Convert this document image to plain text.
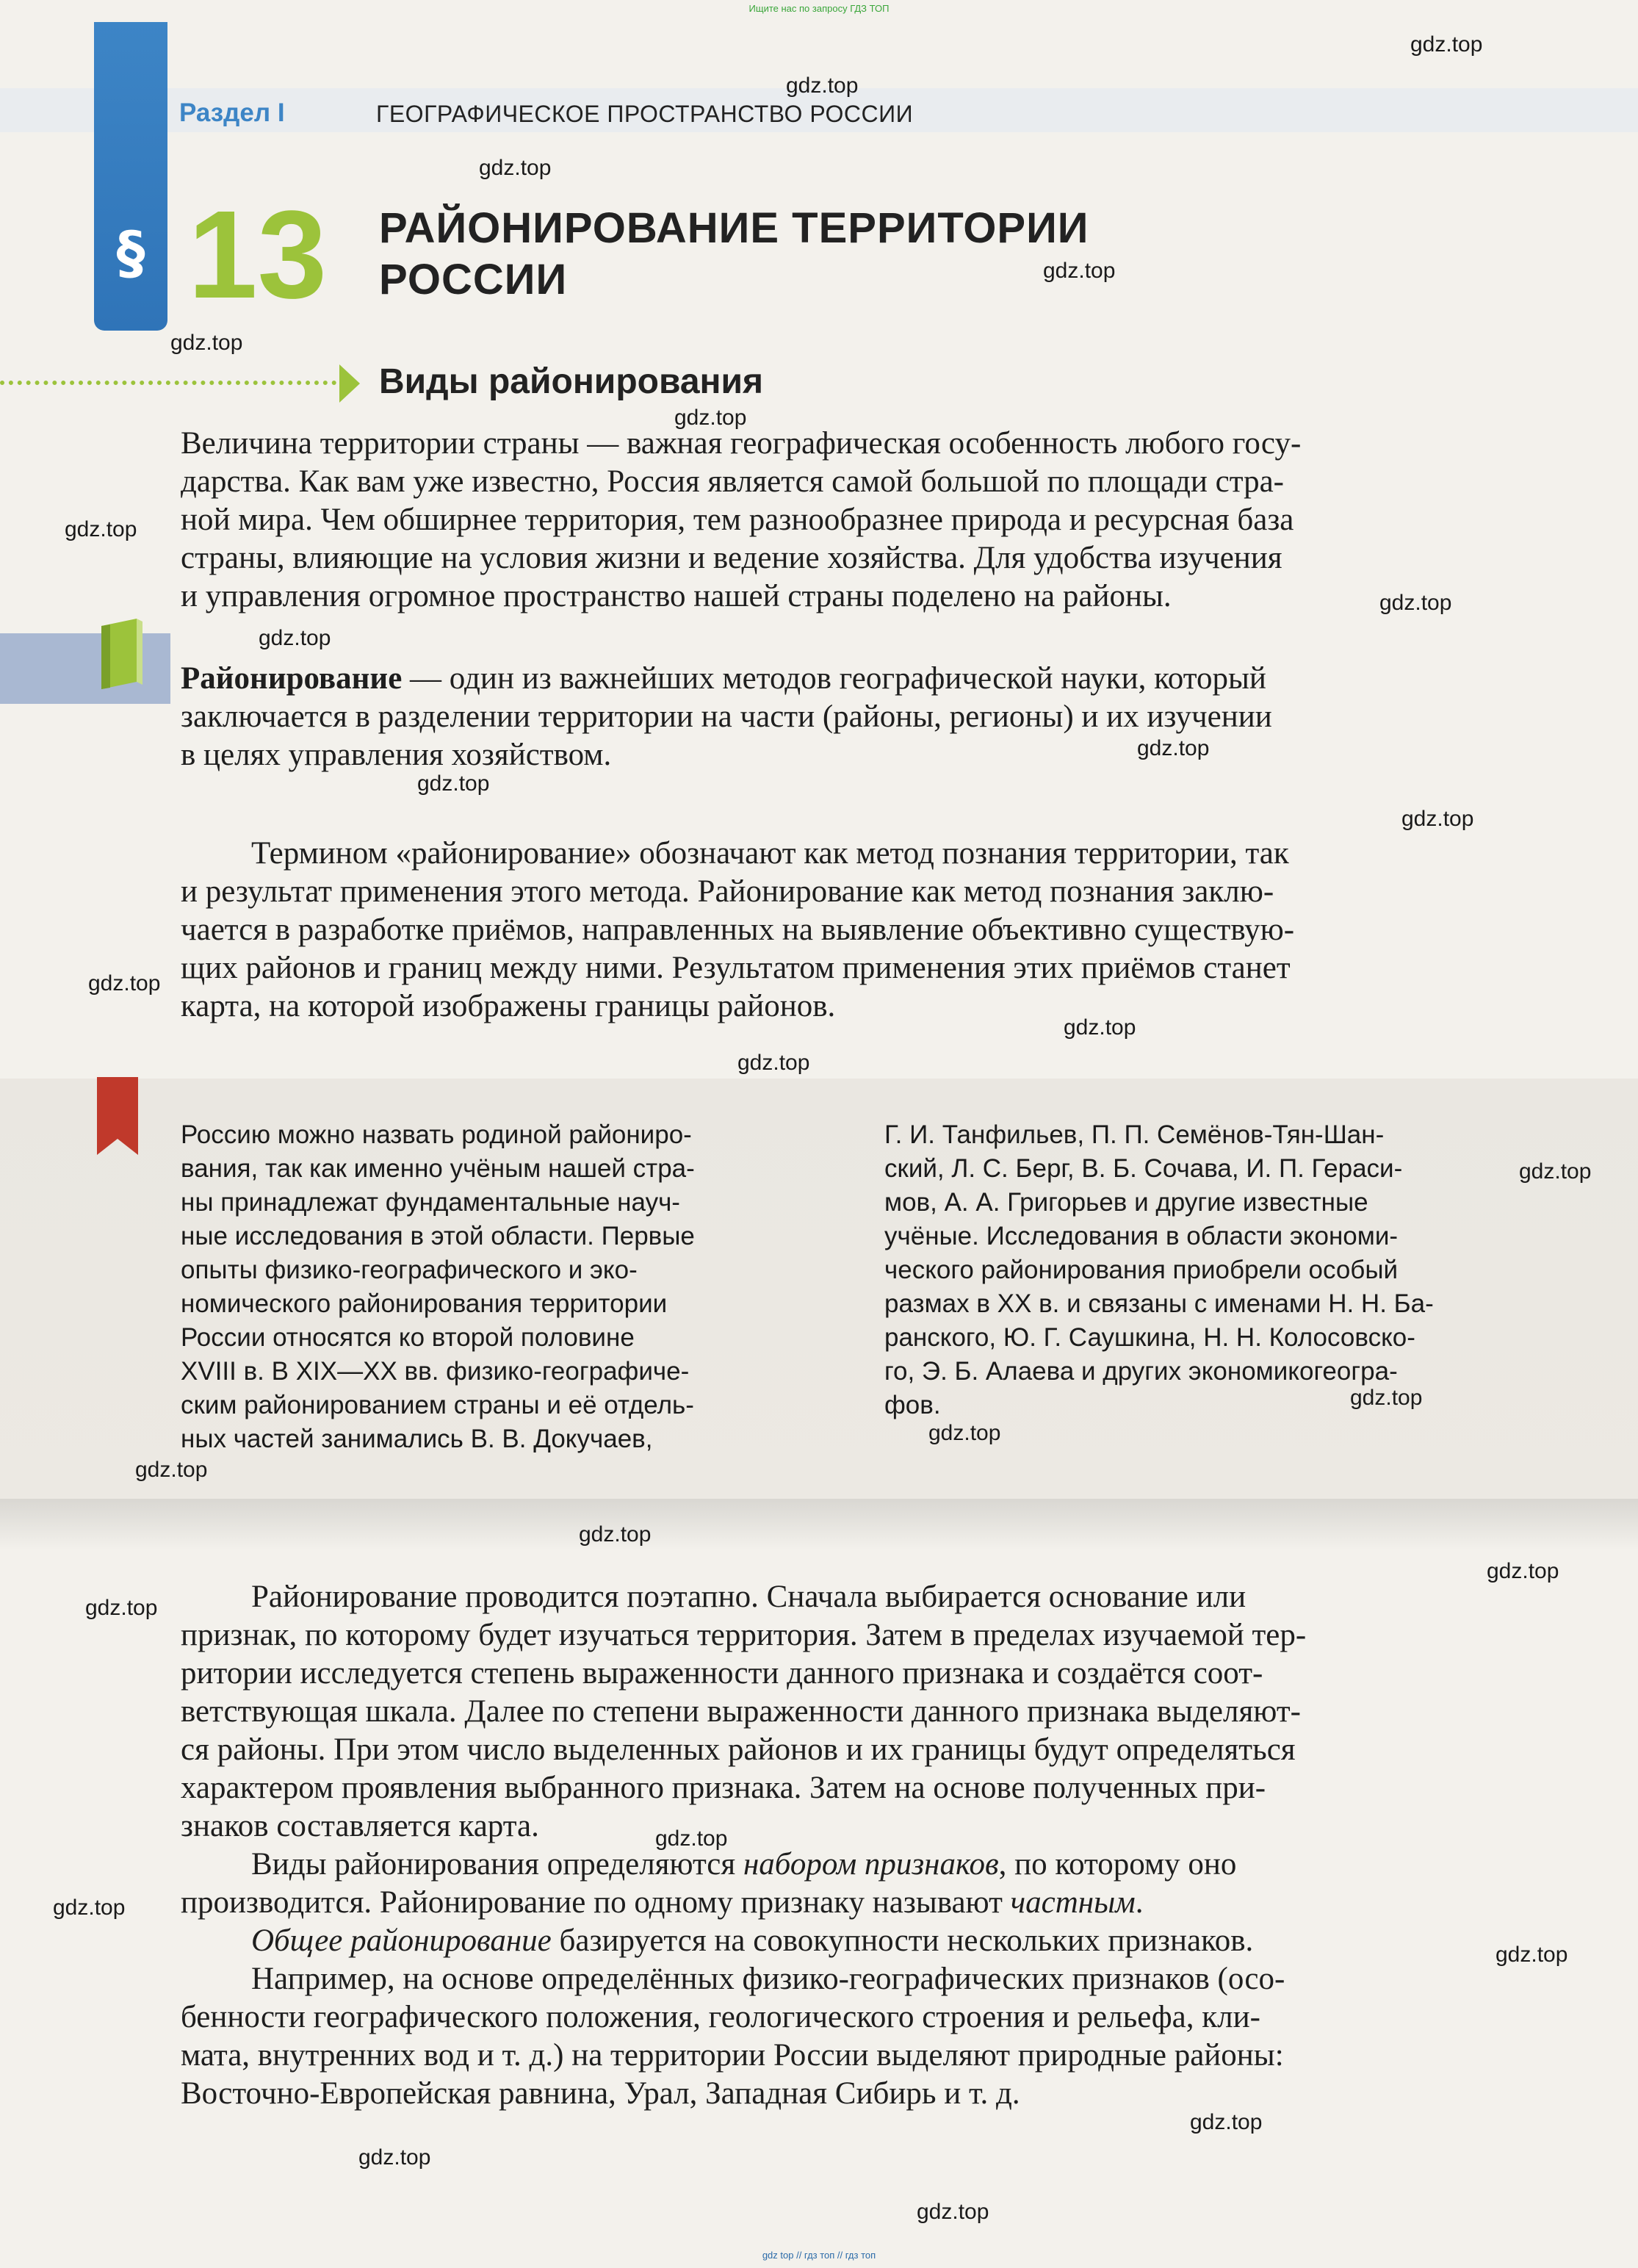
Ищите нас по запросу ГДЗ ТОП
§
Раздел I	ГЕОГРАФИЧЕСКОЕ ПРОСТРАНСТВО РОССИИ
13 РАЙОНИРОВАНИЕ ТЕРРИТОРИИ
РОССИИ
Виды районирования
Величина территории страны — важная географическая особенность любого госу-
дарства. Как вам уже известно, Россия является самой большой по площади стра-
ной мира. Чем обширнее территория, тем разнообразнее природа и ресурсная база
страны, влияющие на условия жизни и ведение хозяйства. Для удобства изучения
и управления огромное пространство нашей страны поделено на районы.
Районирование — один из важнейших методов географической науки, который
заключается в разделении территории на части (районы, регионы) и их изучении
в целях управления хозяйством.
Термином «районирование» обозначают как метод познания территории, так
и результат применения этого метода. Районирование как метод познания заклю-
чается в разработке приёмов, направленных на выявление объективно существую-
щих районов и границ между ними. Результатом применения этих приёмов станет
карта, на которой изображены границы районов.
Россию можно назвать родиной райониро-
вания, так как именно учёным нашей стра-
ны принадлежат фундаментальные науч-
ные исследования в этой области. Первые
опыты физико-географического и эко-
номического районирования территории
России относятся ко второй половине
XVIII в. В XIX—XX вв. физико-географиче-
ским районированием страны и её отдель-
ных частей занимались В. В. Докучаев,
Г. И. Танфильев, П. П. Семёнов-Тян-Шан-
ский, Л. С. Берг, В. Б. Сочава, И. П. Гераси-
мов, А. А. Григорьев и другие известные
учёные. Исследования в области экономи-
ческого районирования приобрели особый
размах в XX в. и связаны с именами Н. Н. Ба-
ранского, Ю. Г. Саушкина, Н. Н. Колосовско-
го, Э. Б. Алаева и других экономикогеогра-
фов.
Районирование проводится поэтапно. Сначала выбирается основание или
признак, по которому будет изучаться территория. Затем в пределах изучаемой тер-
ритории исследуется степень выраженности данного признака и создаётся соот-
ветствующая шкала. Далее по степени выраженности данного признака выделяют-
ся районы. При этом число выделенных районов и их границы будут определяться
характером проявления выбранного признака. Затем на основе полученных при-
знаков составляется карта.
Виды районирования определяются набором признаков, по которому оно
производится. Районирование по одному признаку называют частным.
Общее районирование базируется на совокупности нескольких признаков.
Например, на основе определённых физико-географических признаков (осо-
бенности географического положения, геологического строения и рельефа, кли-
мата, внутренних вод и т. д.) на территории России выделяют природные районы:
Восточно-Европейская равнина, Урал, Западная Сибирь и т. д.
gdz.top
gdz.top
gdz.top
gdz.top
gdz.top
gdz.top
gdz.top
gdz.top
gdz.top
gdz.top
gdz.top
gdz.top
gdz.top
gdz.top
gdz.top
gdz.top
gdz.top
gdz.top
gdz.top
gdz.top
gdz.top
gdz.top
gdz.top
gdz.top
gdz.top
gdz.top
gdz.top
gdz.top
gdz top // гдз топ // гдз топ
